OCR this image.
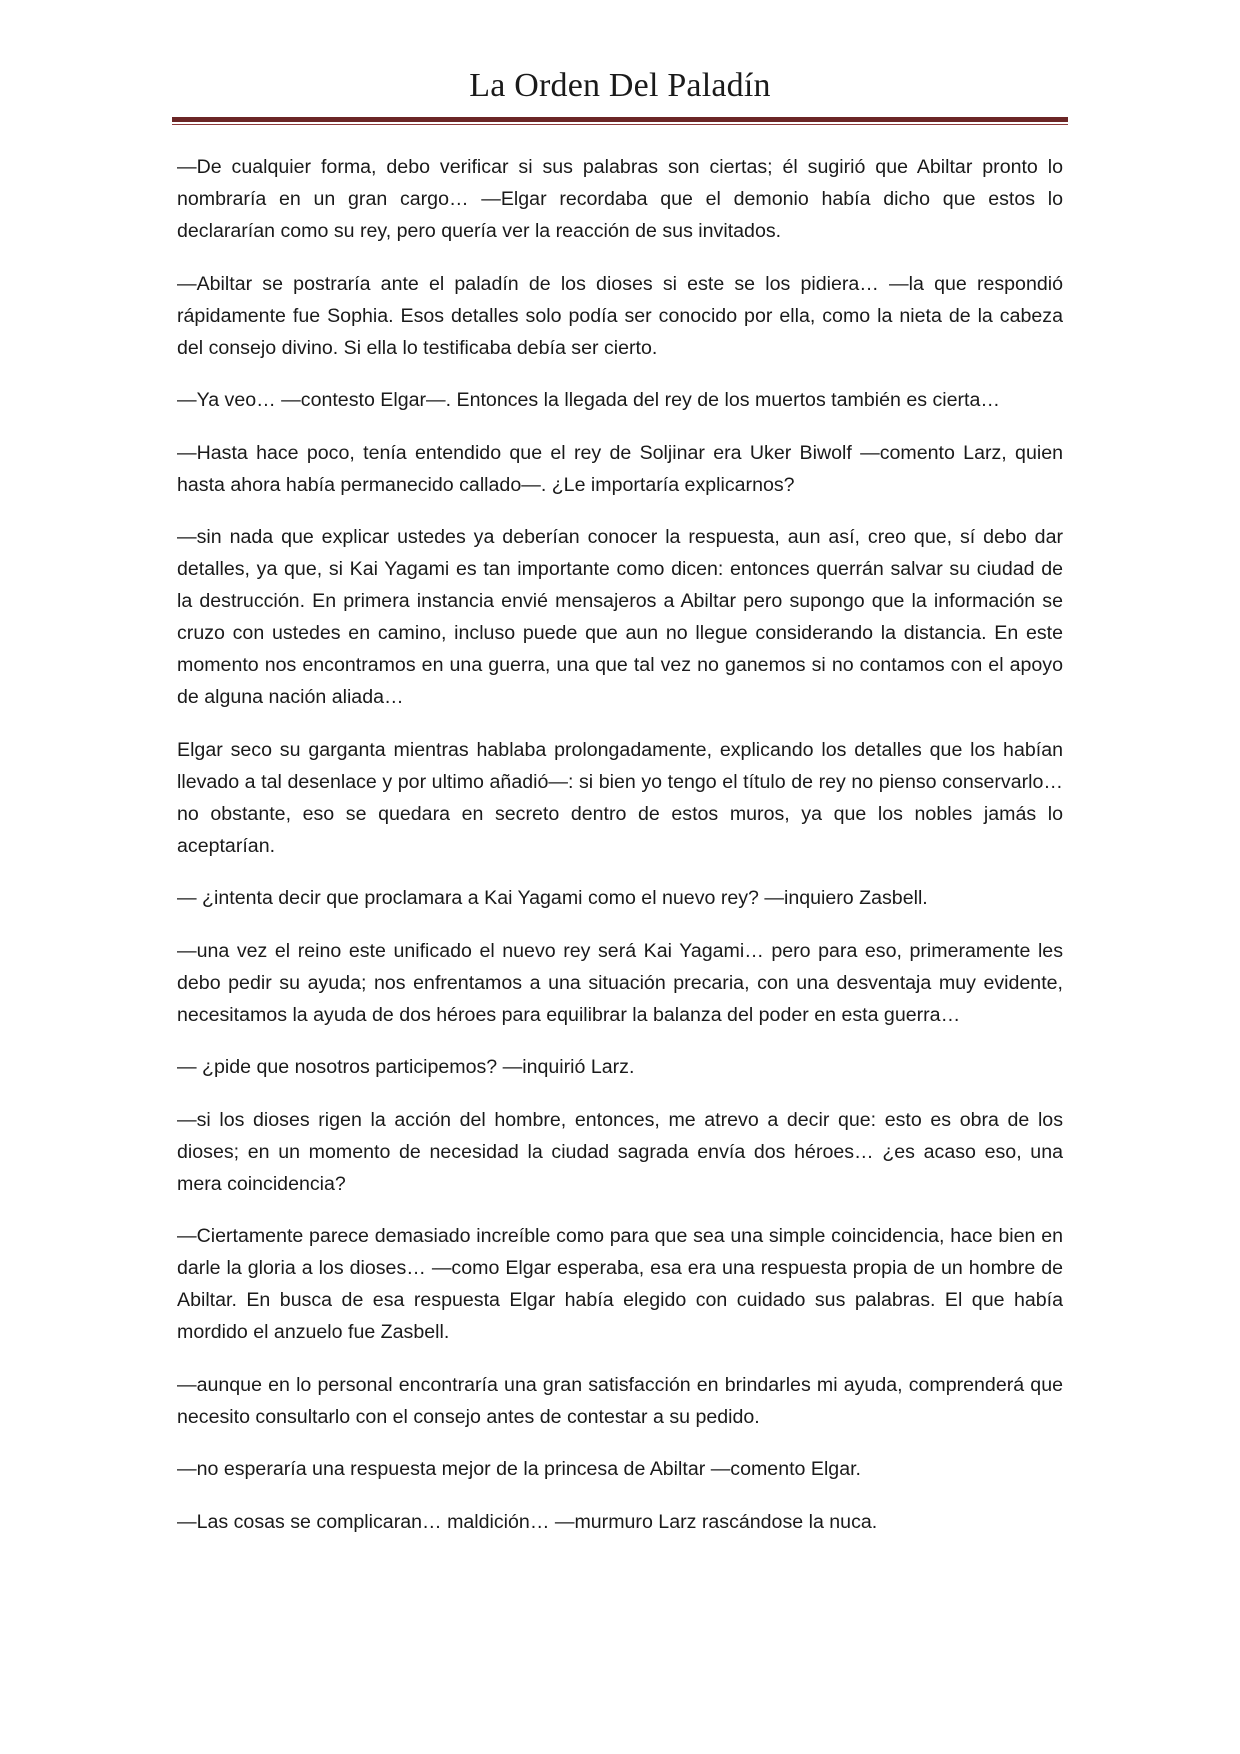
La Orden Del Paladín

—De cualquier forma, debo verificar si sus palabras son ciertas; él sugirió que Abiltar pronto lo nombraría en un gran cargo… —Elgar recordaba que el demonio había dicho que estos lo declararían como su rey, pero quería ver la reacción de sus invitados.

—Abiltar se postraría ante el paladín de los dioses si este se los pidiera… —la que respondió rápidamente fue Sophia. Esos detalles solo podía ser conocido por ella, como la nieta de la cabeza del consejo divino. Si ella lo testificaba debía ser cierto.

—Ya veo… —contesto Elgar—. Entonces la llegada del rey de los muertos también es cierta…

—Hasta hace poco, tenía entendido que el rey de Soljinar era Uker Biwolf —comento Larz, quien hasta ahora había permanecido callado—. ¿Le importaría explicarnos?

—sin nada que explicar ustedes ya deberían conocer la respuesta, aun así, creo que, sí debo dar detalles, ya que, si Kai Yagami es tan importante como dicen: entonces querrán salvar su ciudad de la destrucción. En primera instancia envié mensajeros a Abiltar pero supongo que la información se cruzo con ustedes en camino, incluso puede que aun no llegue considerando la distancia. En este momento nos encontramos en una guerra, una que tal vez no ganemos si no contamos con el apoyo de alguna nación aliada…

Elgar seco su garganta mientras hablaba prolongadamente, explicando los detalles que los habían llevado a tal desenlace y por ultimo añadió—: si bien yo tengo el título de rey no pienso conservarlo… no obstante, eso se quedara en secreto dentro de estos muros, ya que los nobles jamás lo aceptarían.

— ¿intenta decir que proclamara a Kai Yagami como el nuevo rey? —inquiero Zasbell.

—una vez el reino este unificado el nuevo rey será Kai Yagami… pero para eso, primeramente les debo pedir su ayuda; nos enfrentamos a una situación precaria, con una desventaja muy evidente, necesitamos la ayuda de dos héroes para equilibrar la balanza del poder en esta guerra…

— ¿pide que nosotros participemos? —inquirió Larz.

—si los dioses rigen la acción del hombre, entonces, me atrevo a decir que: esto es obra de los dioses; en un momento de necesidad la ciudad sagrada envía dos héroes… ¿es acaso eso, una mera coincidencia?

—Ciertamente parece demasiado increíble como para que sea una simple coincidencia, hace bien en darle la gloria a los dioses… —como Elgar esperaba, esa era una respuesta propia de un hombre de Abiltar. En busca de esa respuesta Elgar había elegido con cuidado sus palabras. El que había mordido el anzuelo fue Zasbell.

—aunque en lo personal encontraría una gran satisfacción en brindarles mi ayuda, comprenderá que necesito consultarlo con el consejo antes de contestar a su pedido.

—no esperaría una respuesta mejor de la princesa de Abiltar —comento Elgar.

—Las cosas se complicaran… maldición… —murmuro Larz rascándose la nuca.
